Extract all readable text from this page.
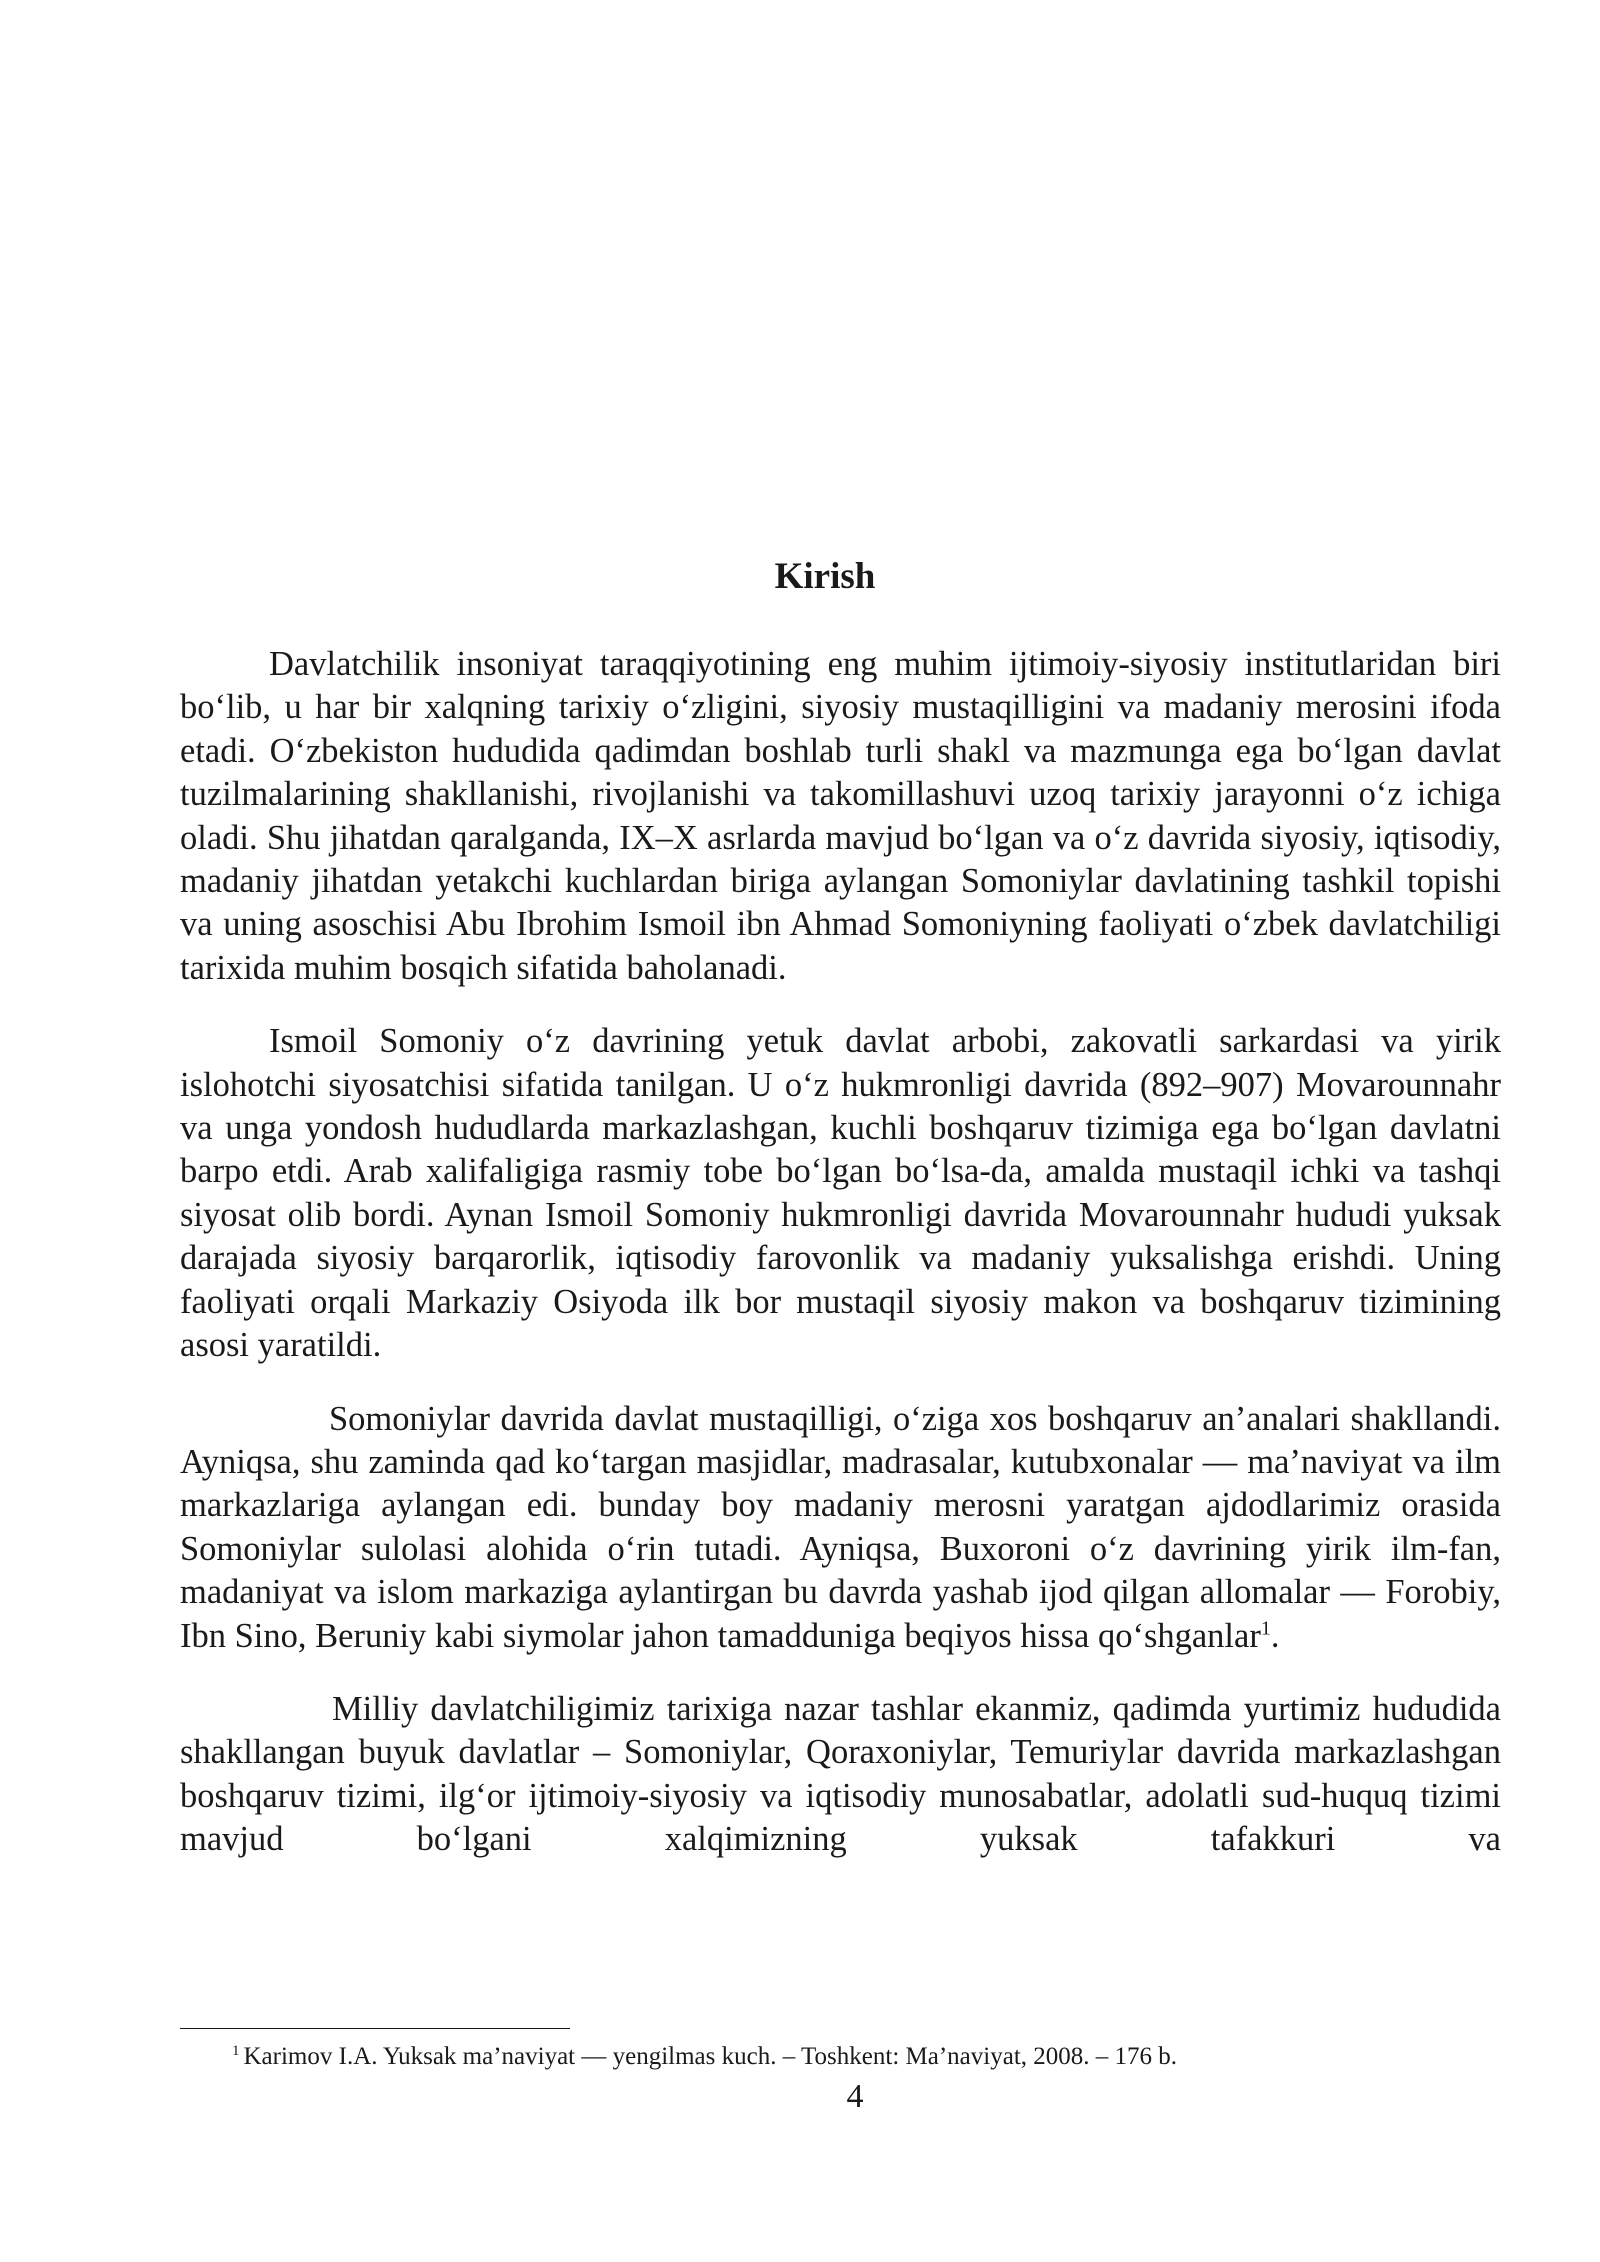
Kirish

Davlatchilik insoniyat taraqqiyotining eng muhim ijtimoiy-siyosiy institutlaridan biri bo‘lib, u har bir xalqning tarixiy o‘zligini, siyosiy mustaqilligini va madaniy merosini ifoda etadi. O‘zbekiston hududida qadimdan boshlab turli shakl va mazmunga ega bo‘lgan davlat tuzilmalarining shakllanishi, rivojlanishi va takomillashuvi uzoq tarixiy jarayonni o‘z ichiga oladi. Shu jihatdan qaralganda, IX–X asrlarda mavjud bo‘lgan va o‘z davrida siyosiy, iqtisodiy, madaniy jihatdan yetakchi kuchlardan biriga aylangan Somoniylar davlatining tashkil topishi va uning asoschisi Abu Ibrohim Ismoil ibn Ahmad Somoniyning faoliyati o‘zbek davlatchiligi tarixida muhim bosqich sifatida baholanadi.

Ismoil Somoniy o‘z davrining yetuk davlat arbobi, zakovatli sarkardasi va yirik islohotchi siyosatchisi sifatida tanilgan. U o‘z hukmronligi davrida (892–907) Movarounnahr va unga yondosh hududlarda markazlashgan, kuchli boshqaruv tizimiga ega bo‘lgan davlatni barpo etdi. Arab xalifaligiga rasmiy tobe bo‘lgan bo‘lsa-da, amalda mustaqil ichki va tashqi siyosat olib bordi. Aynan Ismoil Somoniy hukmronligi davrida Movarounnahr hududi yuksak darajada siyosiy barqarorlik, iqtisodiy farovonlik va madaniy yuksalishga erishdi. Uning faoliyati orqali Markaziy Osiyoda ilk bor mustaqil siyosiy makon va boshqaruv tizimining asosi yaratildi.

Somoniylar davrida davlat mustaqilligi, o‘ziga xos boshqaruv an’analari shakllandi. Ayniqsa, shu zaminda qad ko‘targan masjidlar, madrasalar, kutubxonalar — ma’naviyat va ilm markazlariga aylangan edi. bunday boy madaniy merosni yaratgan ajdodlarimiz orasida Somoniylar sulolasi alohida o‘rin tutadi. Ayniqsa, Buxoroni o‘z davrining yirik ilm-fan, madaniyat va islom markaziga aylantirgan bu davrda yashab ijod qilgan allomalar — Forobiy, Ibn Sino, Beruniy kabi siymolar jahon tamadduniga beqiyos hissa qo‘shganlar$^1$.

Milliy davlatchiligimiz tarixiga nazar tashlar ekanmiz, qadimda yurtimiz hududida shakllangan buyuk davlatlar – Somoniylar, Qoraxoniylar, Temuriylar davrida markazlashgan boshqaruv tizimi, ilg‘or ijtimoiy-siyosiy va iqtisodiy munosabatlar, adolatli sud-huquq tizimi mavjud bo‘lgani xalqimizning yuksak tafakkuri va

$^1$ Karimov I.A. Yuksak ma’naviyat — yengilmas kuch. – Toshkent: Ma’naviyat, 2008. – 176 b.
4
